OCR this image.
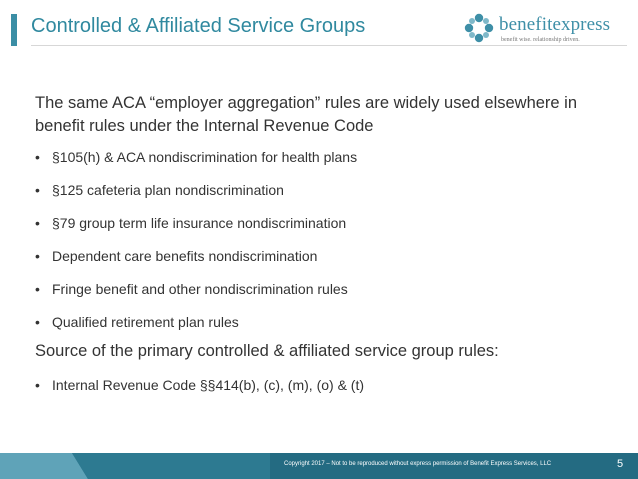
Controlled & Affiliated Service Groups	benefitexpress
benefit wise. relationship driven.
The same ACA “employer aggregation” rules are widely used elsewhere in benefit rules under the Internal Revenue Code
• §105(h) & ACA nondiscrimination for health plans
• §125 cafeteria plan nondiscrimination
• §79 group term life insurance nondiscrimination
• Dependent care benefits nondiscrimination
• Fringe benefit and other nondiscrimination rules
• Qualified retirement plan rules
Source of the primary controlled & affiliated service group rules:
• Internal Revenue Code §§414(b), (c), (m), (o) & (t)
Copyright 2017 – Not to be reproduced without express permission of Benefit Express Services, LLC	5
